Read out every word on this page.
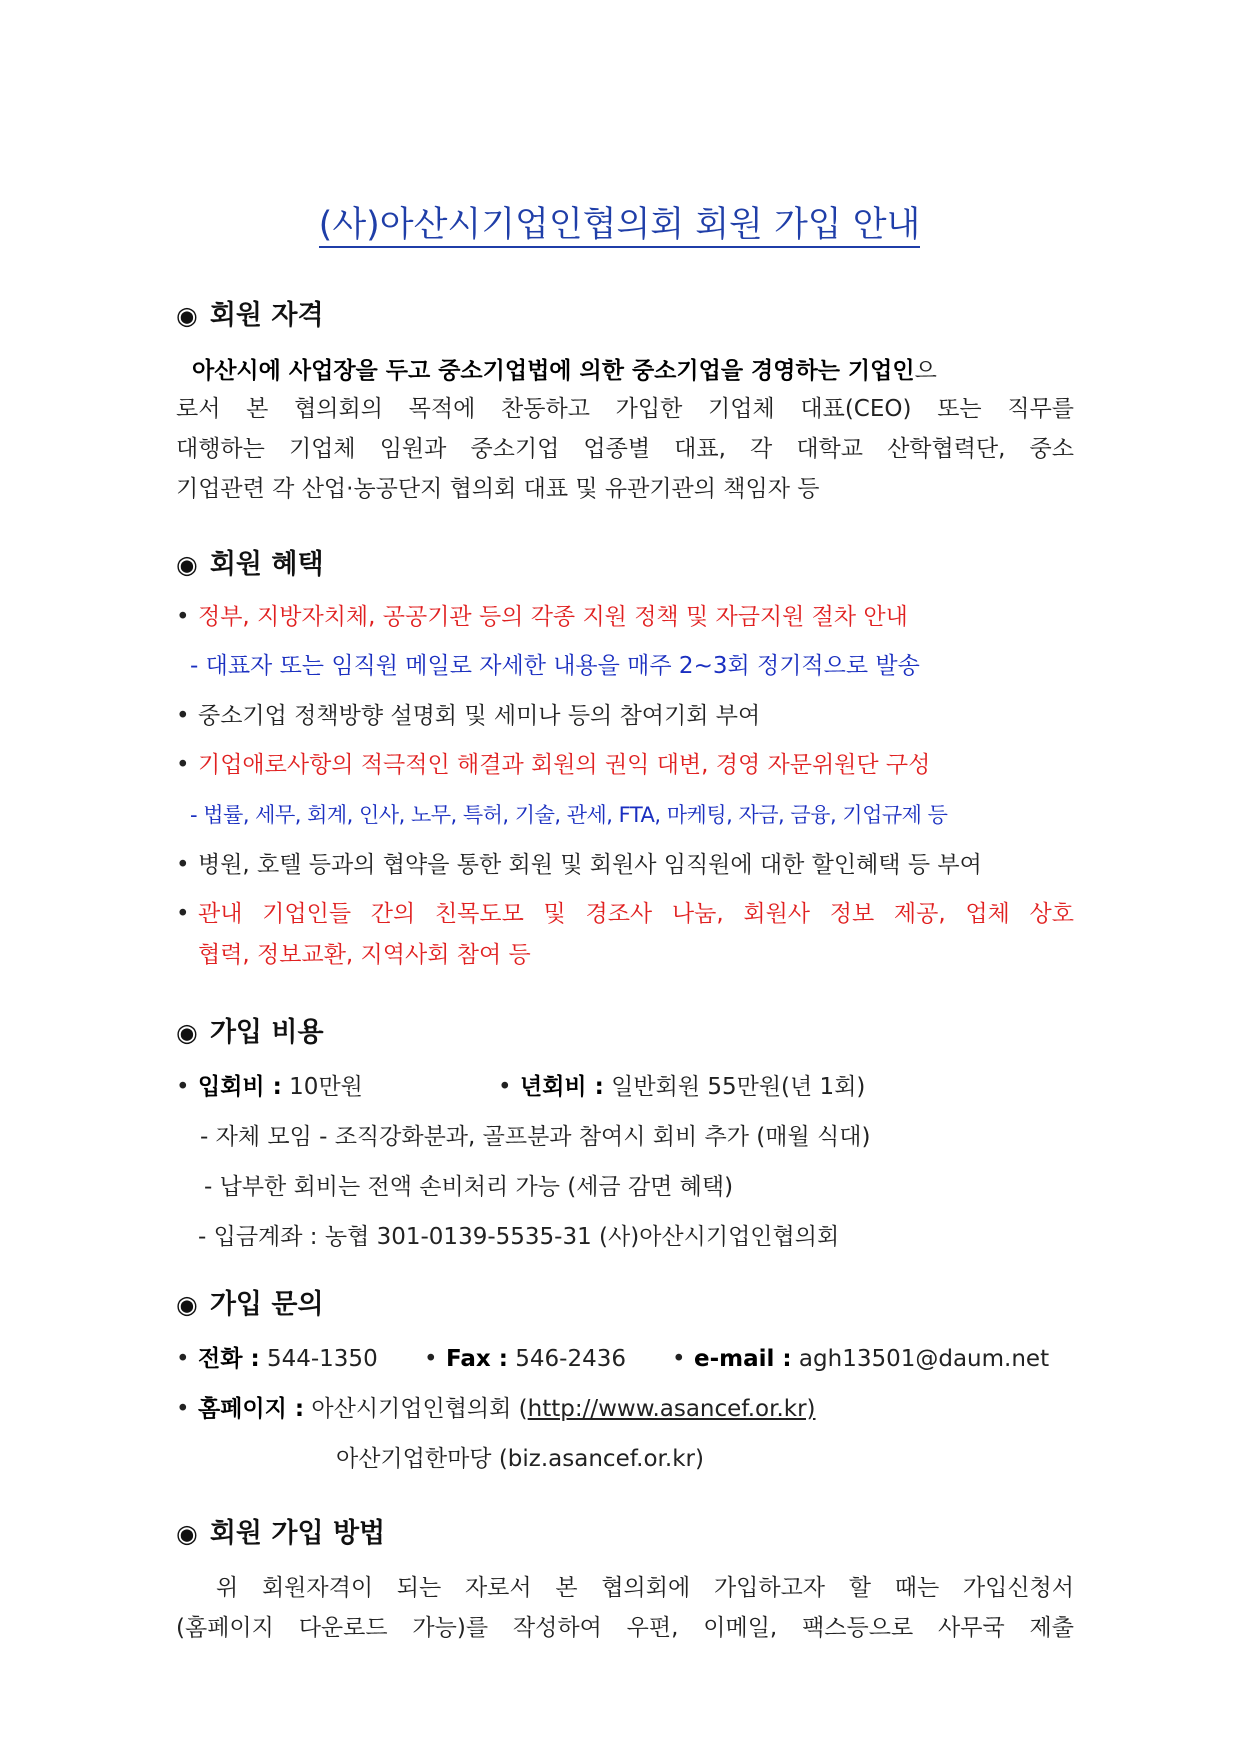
(사)아산시기업인협의회 회원 가입 안내
◉ 회원 자격
아산시에 사업장을 두고 중소기업법에 의한 중소기업을 경영하는 기업인으
로서 본 협의회의 목적에 찬동하고 가입한 기업체 대표(CEO) 또는 직무를
대행하는 기업체 임원과 중소기업 업종별 대표, 각 대학교 산학협력단, 중소
기업관련 각 산업·농공단지 협의회 대표 및 유관기관의 책임자 등
◉ 회원 혜택
• 정부, 지방자치체, 공공기관 등의 각종 지원 정책 및 자금지원 절차 안내
- 대표자 또는 임직원 메일로 자세한 내용을 매주 2~3회 정기적으로 발송
• 중소기업 정책방향 설명회 및 세미나 등의 참여기회 부여
• 기업애로사항의 적극적인 해결과 회원의 권익 대변, 경영 자문위원단 구성
- 법률, 세무, 회계, 인사, 노무, 특허, 기술, 관세, FTA, 마케팅, 자금, 금융, 기업규제 등
• 병원, 호텔 등과의 협약을 통한 회원 및 회원사 임직원에 대한 할인혜택 등 부여
• 관내 기업인들 간의 친목도모 및 경조사 나눔, 회원사 정보 제공, 업체 상호
협력, 정보교환, 지역사회 참여 등
◉ 가입 비용
• 입회비 : 10만원	• 년회비 : 일반회원 55만원(년 1회)
- 자체 모임 - 조직강화분과, 골프분과 참여시 회비 추가 (매월 식대)
- 납부한 회비는 전액 손비처리 가능 (세금 감면 혜택)
- 입금계좌 : 농협 301-0139-5535-31 (사)아산시기업인협의회
◉ 가입 문의
• 전화 : 544-1350 • Fax : 546-2436 • e-mail : agh13501@daum.net
• 홈페이지 : 아산시기업인협의회 (http://www.asancef.or.kr)
아산기업한마당 (biz.asancef.or.kr)
◉ 회원 가입 방법
위 회원자격이 되는 자로서 본 협의회에 가입하고자 할 때는 가입신청서
(홈페이지 다운로드 가능)를 작성하여 우편, 이메일, 팩스등으로 사무국 제출
